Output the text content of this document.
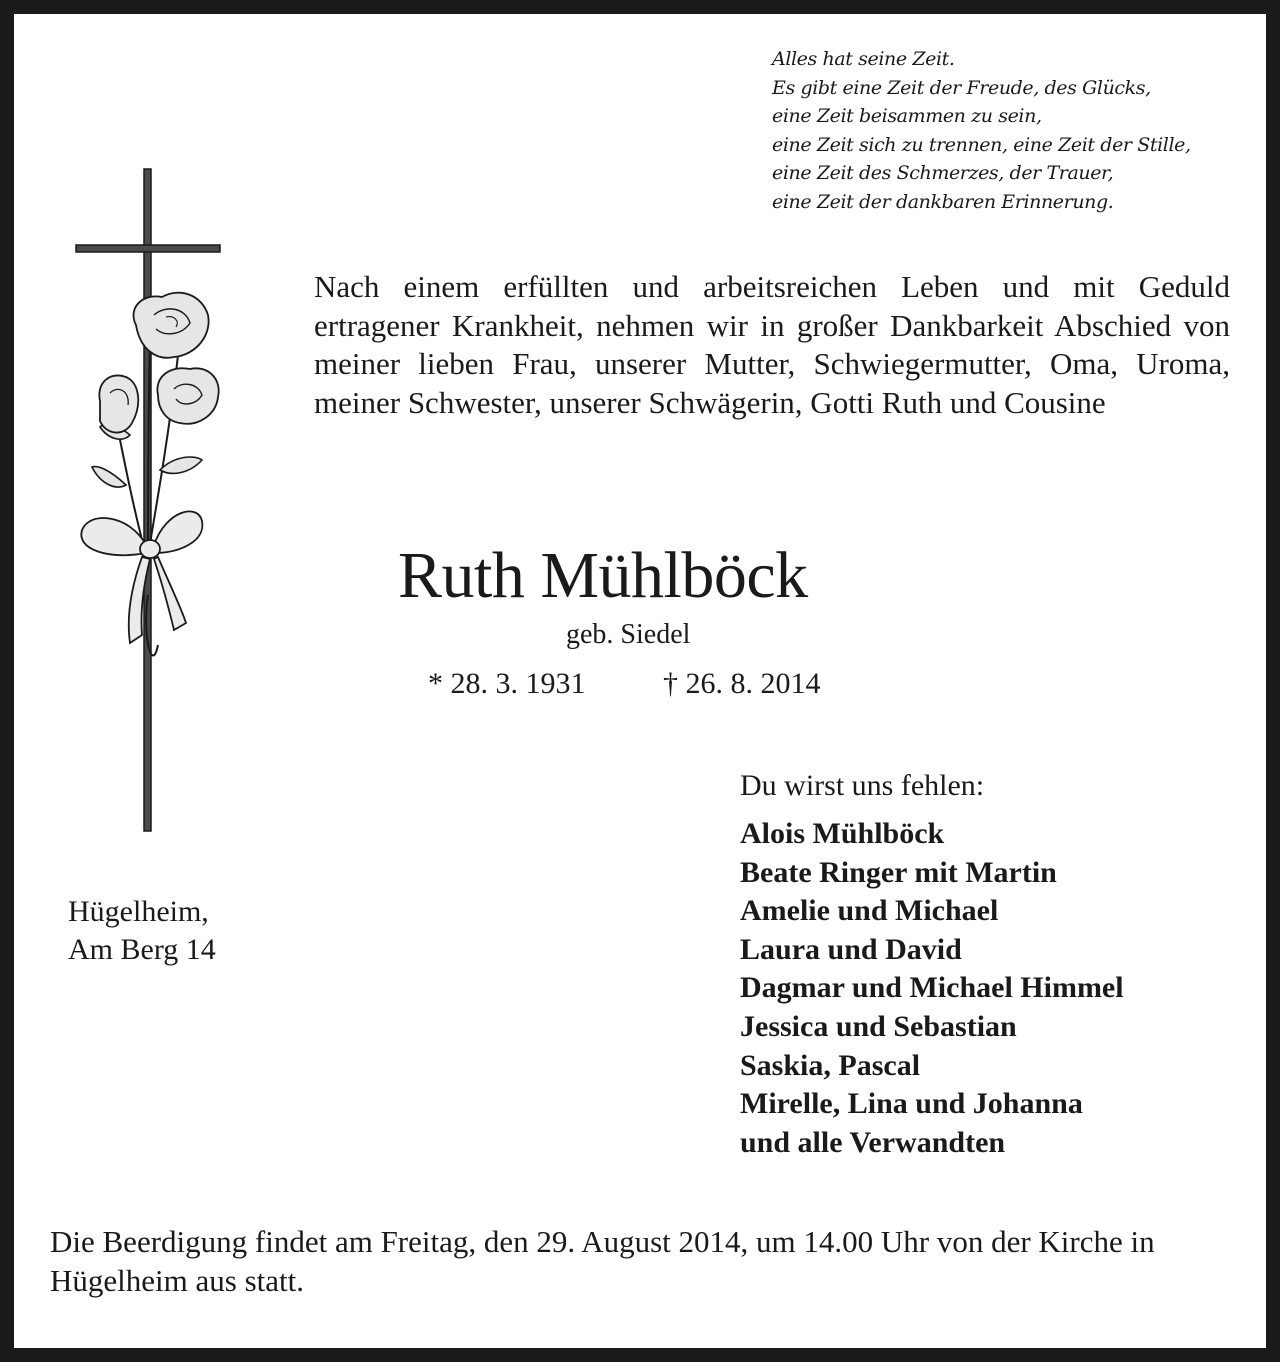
Alles hat seine Zeit.
Es gibt eine Zeit der Freude, des Glücks,
eine Zeit beisammen zu sein,
eine Zeit sich zu trennen, eine Zeit der Stille,
eine Zeit des Schmerzes, der Trauer,
eine Zeit der dankbaren Erinnerung.

Nach einem erfüllten und arbeitsreichen Leben und mit Geduld ertragener Krankheit, nehmen wir in großer Dankbarkeit Abschied von meiner lieben Frau, unserer Mutter, Schwiegermutter, Oma, Uroma, meiner Schwester, unserer Schwägerin, Gotti Ruth und Cousine

Ruth Mühlböck
geb. Siedel
* 28. 3. 1931	† 26. 8. 2014
Du wirst uns fehlen:
Alois Mühlböck
Beate Ringer mit Martin
Amelie und Michael
Laura und David
Dagmar und Michael Himmel
Jessica und Sebastian
Saskia, Pascal
Mirelle, Lina und Johanna
und alle Verwandten
Hügelheim,
Am Berg 14

Die Beerdigung findet am Freitag, den 29. August 2014, um 14.00 Uhr von der Kirche in Hügelheim aus statt.
